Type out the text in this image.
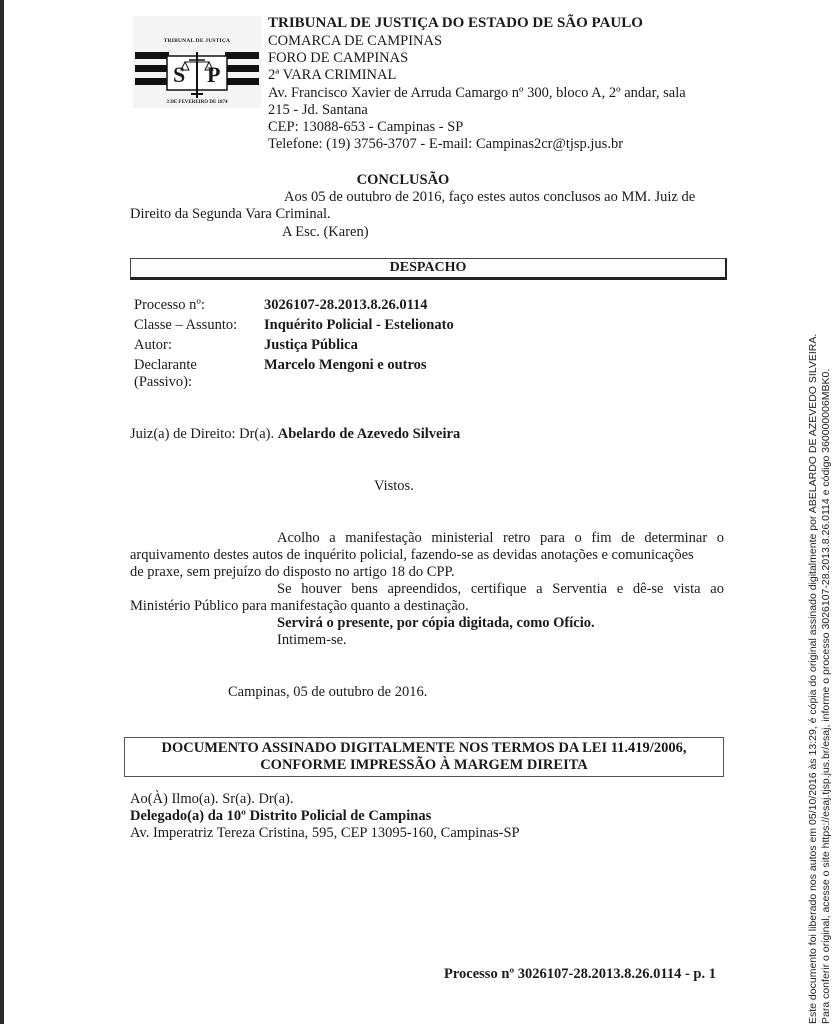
TRIBUNAL DE JUSTIÇA
S P
3 DE FEVEREIRO DE 1874
TRIBUNAL DE JUSTIÇA DO ESTADO DE SÃO PAULO
COMARCA DE CAMPINAS
FORO DE CAMPINAS
2ª VARA CRIMINAL
Av. Francisco Xavier de Arruda Camargo nº 300, bloco A, 2º andar, sala
215 - Jd. Santana
CEP: 13088-653 - Campinas - SP
Telefone: (19) 3756-3707 - E-mail: Campinas2cr@tjsp.jus.br
CONCLUSÃO
Aos 05 de outubro de 2016, faço estes autos conclusos ao MM. Juiz de
Direito da Segunda Vara Criminal.
A Esc. (Karen)
DESPACHO
Processo nº:	3026107-28.2013.8.26.0114
Classe – Assunto: Inquérito Policial - Estelionato
Autor:	Justiça Pública
Declarante
(Passivo):
Marcelo Mengoni e outros
Juiz(a) de Direito: Dr(a). Abelardo de Azevedo Silveira
Vistos.
Acolho a manifestação ministerial retro para o fim de determinar o
arquivamento destes autos de inquérito policial, fazendo-se as devidas anotações e comunicações
de praxe, sem prejuízo do disposto no artigo 18 do CPP.
Se houver bens apreendidos, certifique a Serventia e dê-se vista ao
Ministério Público para manifestação quanto a destinação.
Servirá o presente, por cópia digitada, como Ofício.
Intimem-se.
Campinas, 05 de outubro de 2016.
DOCUMENTO ASSINADO DIGITALMENTE NOS TERMOS DA LEI 11.419/2006,
CONFORME IMPRESSÃO À MARGEM DIREITA
Ao(À) Ilmo(a). Sr(a). Dr(a).
Delegado(a) da 10º Distrito Policial de Campinas
Av. Imperatriz Tereza Cristina, 595, CEP 13095-160, Campinas-SP
Processo nº 3026107-28.2013.8.26.0114 - p. 1	Este documento foi liberado nos autos em 05/10/2016 às 13:29, é cópia do original assinado digitalmente por ABELARDO DE AZEVEDO SILVEIRA. Para conferir o original, acesse o site https://esaj.tjsp.jus.br/esaj, informe o processo 3026107-28.2013.8.26.0114 e código 360000006MBK0.
